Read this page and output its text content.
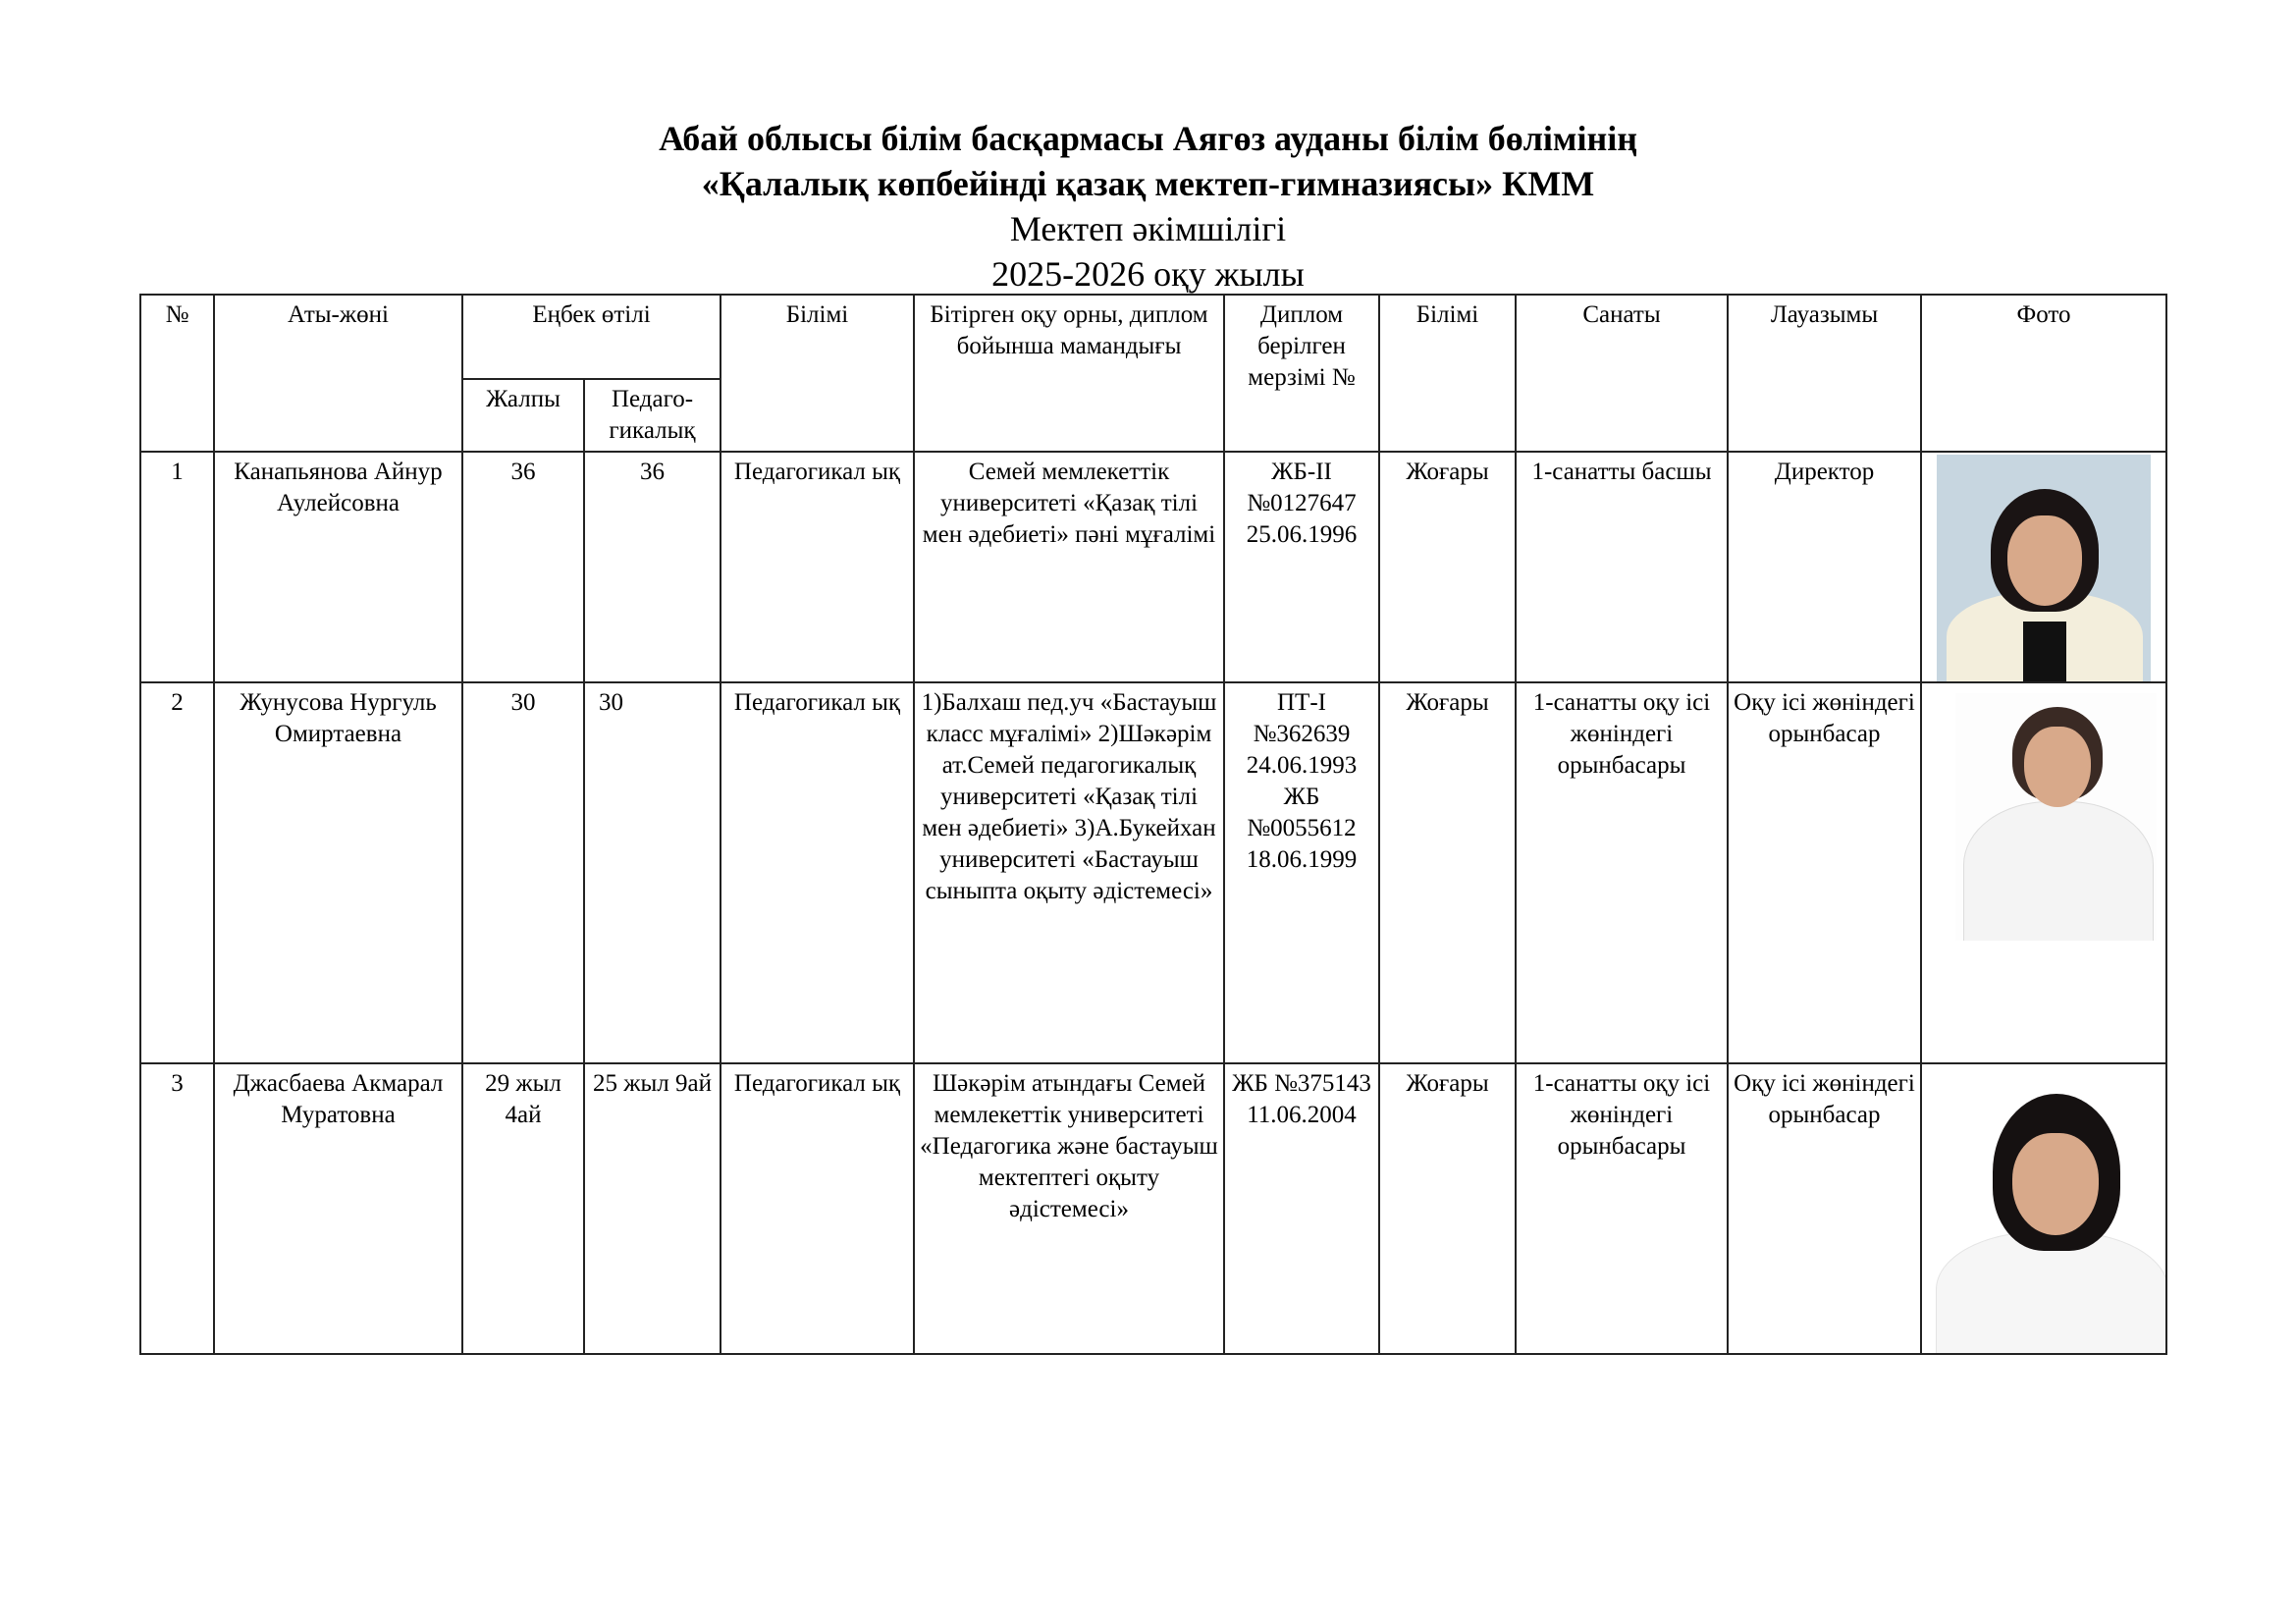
Абай облысы білім басқармасы Аягөз ауданы білім бөлімінің
«Қалалық көпбейінді қазақ мектеп-гимназиясы» КММ
Мектеп әкімшілігі
2025-2026 оқу жылы
№	Аты-жөні	Еңбек өтілі		Білімі	Бітірген оқу орны, диплом бойынша мамандығы	Диплом берілген мерзімі №	Білімі	Санаты	Лауазымы	Фото
		Жалпы	Педаго-гикалық							
1	Канапьянова Айнур Аулейсовна	36	36	Педагогикал ық	Семей мемлекеттік университеті «Қазақ тілі мен әдебиеті» пәні мұғалімі	ЖБ-ІІ №0127647 25.06.1996	Жоғары	1-санатты басшы	Директор	

2	Жунусова Нургуль Омиртаевна	30	30	Педагогикал ық	1)Балхаш пед.уч «Бастауыш класс мұғалімі» 2)Шәкәрім ат.Семей педагогикалық университеті «Қазақ тілі мен әдебиеті» 3)А.Букейхан университеті «Бастауыш сыныпта оқыту әдістемесі»	ПТ-І №362639 24.06.1993 ЖБ №0055612 18.06.1999	Жоғары	1-санатты оқу ісі жөніндегі орынбасары	Оқу ісі жөніндегі орынбасар	

3	Джасбаева Акмарал Муратовна	29 жыл 4ай	25 жыл 9ай	Педагогикал ық	Шәкәрім атындағы Семей мемлекеттік университеті «Педагогика және бастауыш мектептегі оқыту әдістемесі»	ЖБ №375143 11.06.2004	Жоғары	1-санатты оқу ісі жөніндегі орынбасары	Оқу ісі жөніндегі орынбасар	
